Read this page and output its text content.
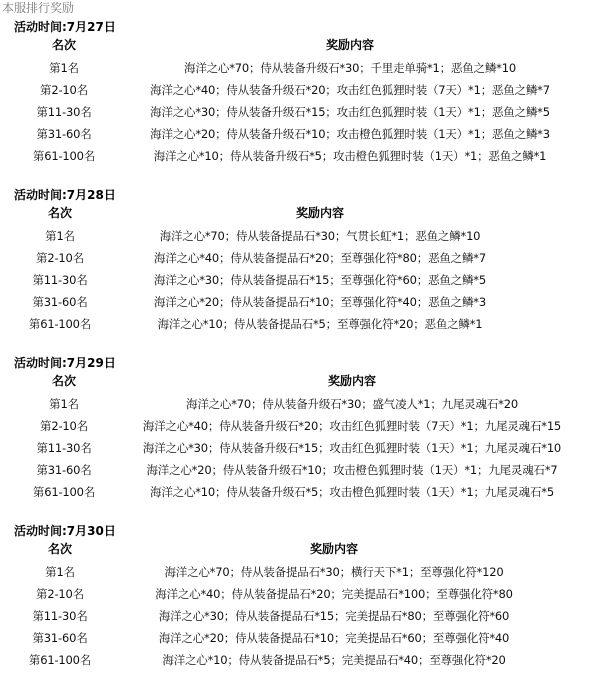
本服排行奖励
活动时间:7月27日
名次	奖励内容
第1名	海洋之心*70；侍从装备升级石*30；千里走单骑*1；恶鱼之鳞*10
第2-10名	海洋之心*40；侍从装备升级石*20；攻击红色狐狸时装（7天）*1；恶鱼之鳞*7
第11-30名	海洋之心*30；侍从装备升级石*15；攻击红色狐狸时装（1天）*1；恶鱼之鳞*5
第31-60名	海洋之心*20；侍从装备升级石*10；攻击橙色狐狸时装（1天）*1；恶鱼之鳞*3
第61-100名	海洋之心*10；侍从装备升级石*5；攻击橙色狐狸时装（1天）*1；恶鱼之鳞*1
活动时间:7月28日
名次	奖励内容
第1名	海洋之心*70；侍从装备提品石*30；气贯长虹*1；恶鱼之鳞*10
第2-10名	海洋之心*40；侍从装备提品石*20；至尊强化符*80；恶鱼之鳞*7
第11-30名	海洋之心*30；侍从装备提品石*15；至尊强化符*60；恶鱼之鳞*5
第31-60名	海洋之心*20；侍从装备提品石*10；至尊强化符*40；恶鱼之鳞*3
第61-100名	海洋之心*10；侍从装备提品石*5；至尊强化符*20；恶鱼之鳞*1
活动时间:7月29日
名次	奖励内容
第1名	海洋之心*70；侍从装备升级石*30；盛气凌人*1；九尾灵魂石*20
第2-10名	海洋之心*40；侍从装备升级石*20；攻击红色狐狸时装（7天）*1；九尾灵魂石*15
第11-30名	海洋之心*30；侍从装备升级石*15；攻击红色狐狸时装（1天）*1；九尾灵魂石*10
第31-60名	海洋之心*20；侍从装备升级石*10；攻击橙色狐狸时装（1天）*1；九尾灵魂石*7
第61-100名	海洋之心*10；侍从装备升级石*5；攻击橙色狐狸时装（1天）*1；九尾灵魂石*5
活动时间:7月30日
名次	奖励内容
第1名	海洋之心*70；侍从装备提品石*30；横行天下*1；至尊强化符*120
第2-10名	海洋之心*40；侍从装备提品石*20；完美提品石*100；至尊强化符*80
第11-30名	海洋之心*30；侍从装备提品石*15；完美提品石*80；至尊强化符*60
第31-60名	海洋之心*20；侍从装备提品石*10；完美提品石*60；至尊强化符*40
第61-100名	海洋之心*10；侍从装备提品石*5；完美提品石*40；至尊强化符*20
